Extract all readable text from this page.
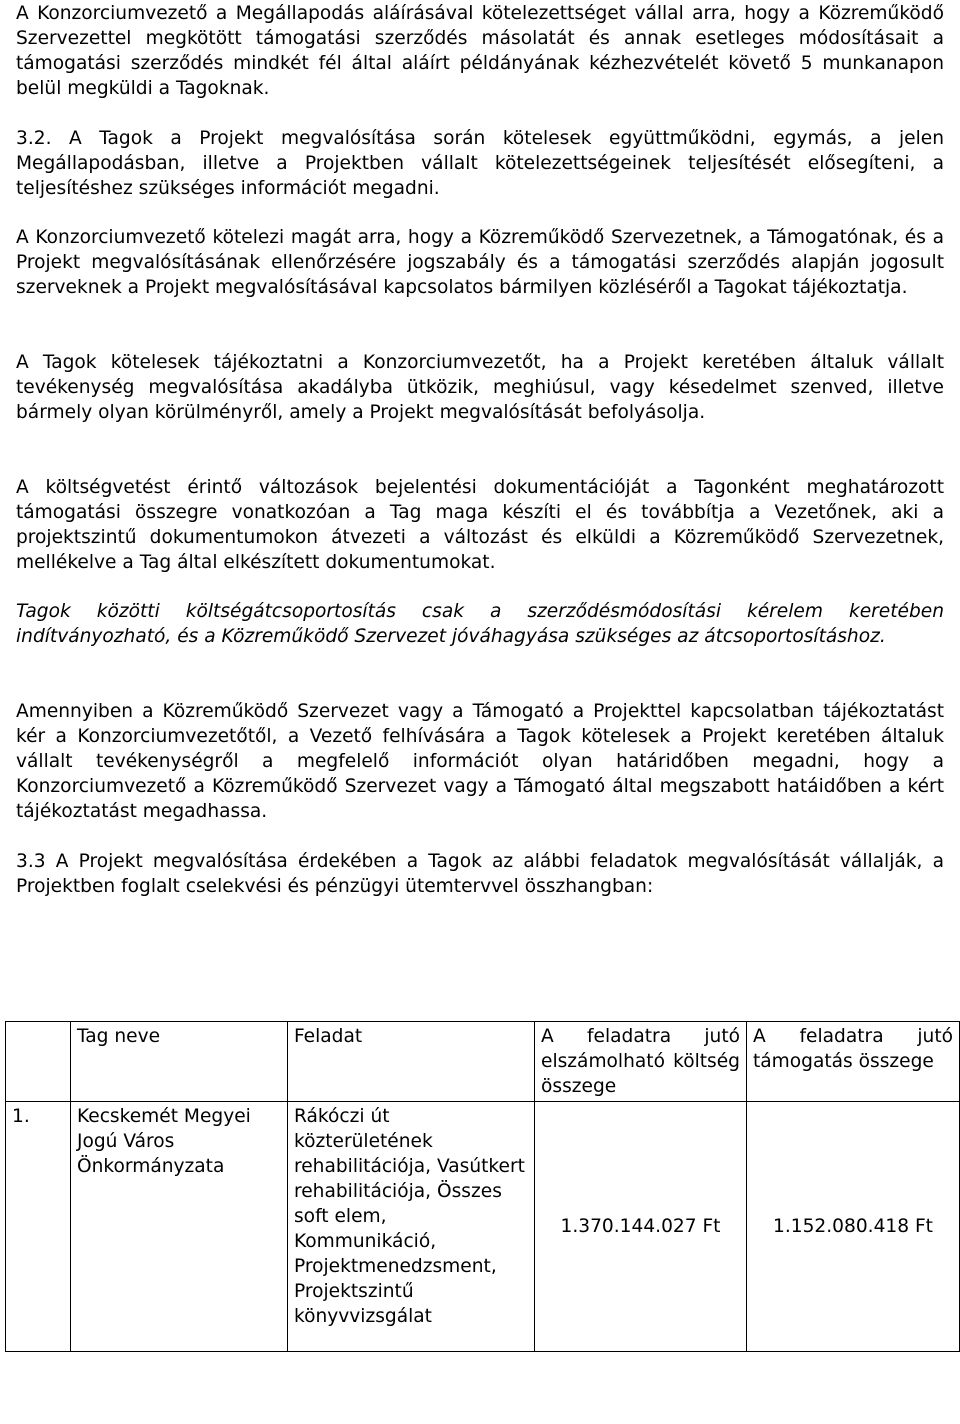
A Konzorciumvezető a Megállapodás aláírásával kötelezettséget vállal arra, hogy a Közreműködő Szervezettel megkötött támogatási szerződés másolatát és annak esetleges módosításait a támogatási szerződés mindkét fél által aláírt példányának kézhezvételét követő 5 munkanapon belül megküldi a Tagoknak.

3.2. A Tagok a Projekt megvalósítása során kötelesek együttműködni, egymás, a jelen Megállapodásban, illetve a Projektben vállalt kötelezettségeinek teljesítését elősegíteni, a teljesítéshez szükséges információt megadni.

A Konzorciumvezető kötelezi magát arra, hogy a Közreműködő Szervezetnek, a Támogatónak, és a Projekt megvalósításának ellenőrzésére jogszabály és a támogatási szerződés alapján jogosult szerveknek a Projekt megvalósításával kapcsolatos bármilyen közléséről a Tagokat tájékoztatja.

A Tagok kötelesek tájékoztatni a Konzorciumvezetőt, ha a Projekt keretében általuk vállalt tevékenység megvalósítása akadályba ütközik, meghiúsul, vagy késedelmet szenved, illetve bármely olyan körülményről, amely a Projekt megvalósítását befolyásolja.

A költségvetést érintő változások bejelentési dokumentációját a Tagonként meghatározott támogatási összegre vonatkozóan a Tag maga készíti el és továbbítja a Vezetőnek, aki a projektszintű dokumentumokon átvezeti a változást és elküldi a Közreműködő Szervezetnek, mellékelve a Tag által elkészített dokumentumokat.

Tagok közötti költségátcsoportosítás csak a szerződésmódosítási kérelem keretében indítványozható, és a Közreműködő Szervezet jóváhagyása szükséges az átcsoportosításhoz.

Amennyiben a Közreműködő Szervezet vagy a Támogató a Projekttel kapcsolatban tájékoztatást kér a Konzorciumvezetőtől, a Vezető felhívására a Tagok kötelesek a Projekt keretében általuk vállalt tevékenységről a megfelelő információt olyan határidőben megadni, hogy a Konzorciumvezető a Közreműködő Szervezet vagy a Támogató által megszabott hatáidőben a kért tájékoztatást megadhassa.

3.3 A Projekt megvalósítása érdekében a Tagok az alábbi feladatok megvalósítását vállalják, a Projektben foglalt cselekvési és pénzügyi ütemtervvel összhangban:

	Tag neve	Feladat	A feladatra jutó elszámolható költség összege	A feladatra jutó támogatás összege
1.	Kecskemét Megyei Jogú Város Önkormányzata	Rákóczi út közterületének rehabilitációja, Vasútkert rehabilitációja, Összes soft elem, Kommunikáció, Projektmenedzsment, Projektszintű könyvvizsgálat	1.370.144.027 Ft	1.152.080.418 Ft
